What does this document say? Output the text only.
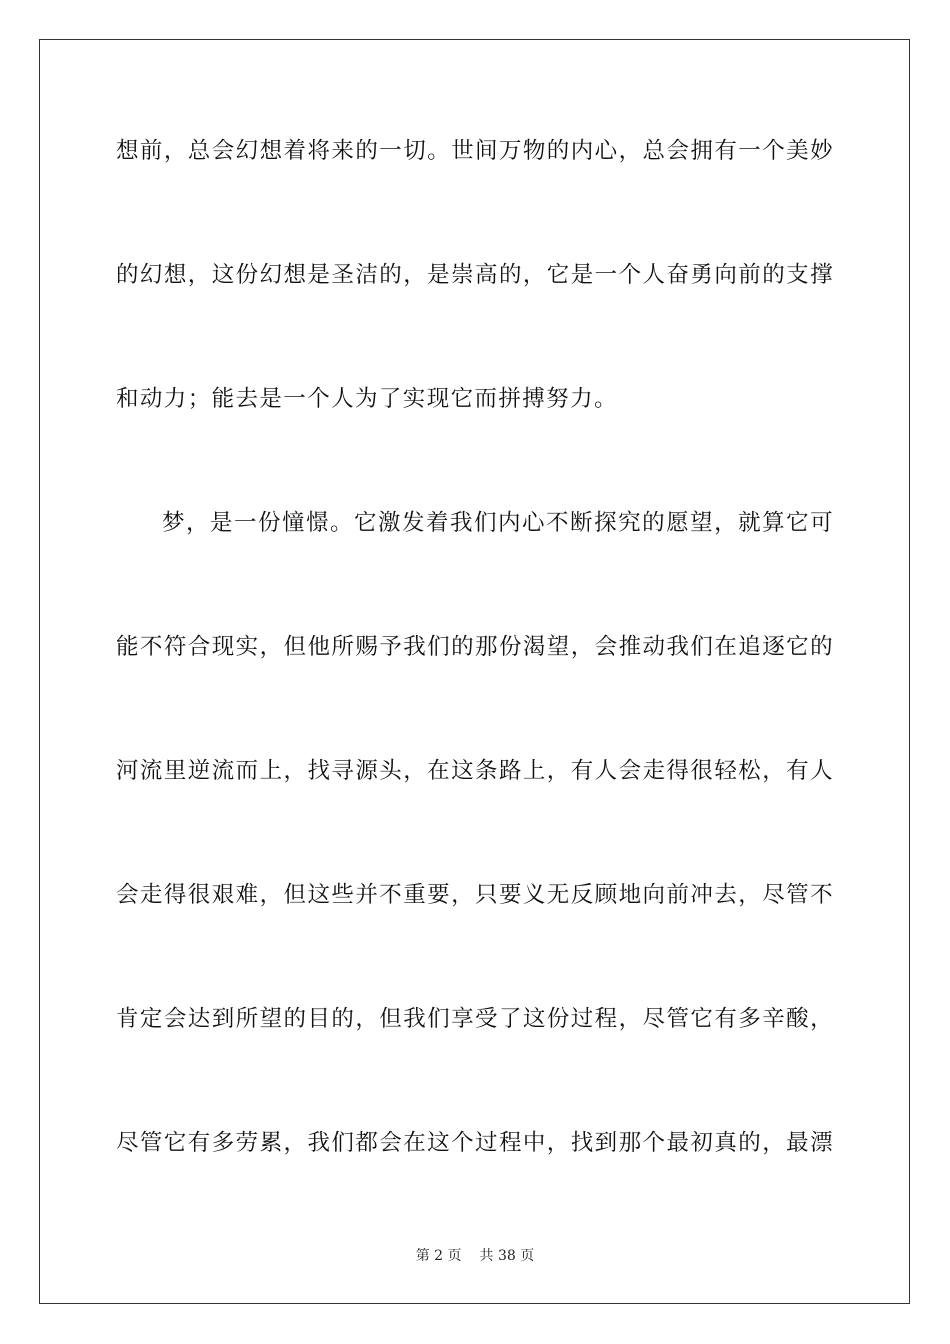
想前，总会幻想着将来的一切。世间万物的内心，总会拥有一个美妙
的幻想，这份幻想是圣洁的，是崇高的，它是一个人奋勇向前的支撑
和动力；能去是一个人为了实现它而拼搏努力。
梦，是一份憧憬。它激发着我们内心不断探究的愿望，就算它可
能不符合现实，但他所赐予我们的那份渴望，会推动我们在追逐它的
河流里逆流而上，找寻源头，在这条路上，有人会走得很轻松，有人
会走得很艰难，但这些并不重要，只要义无反顾地向前冲去，尽管不
肯定会达到所望的目的，但我们享受了这份过程，尽管它有多辛酸，
尽管它有多劳累，我们都会在这个过程中，找到那个最初真的，最漂
第 2 页 共 38 页
